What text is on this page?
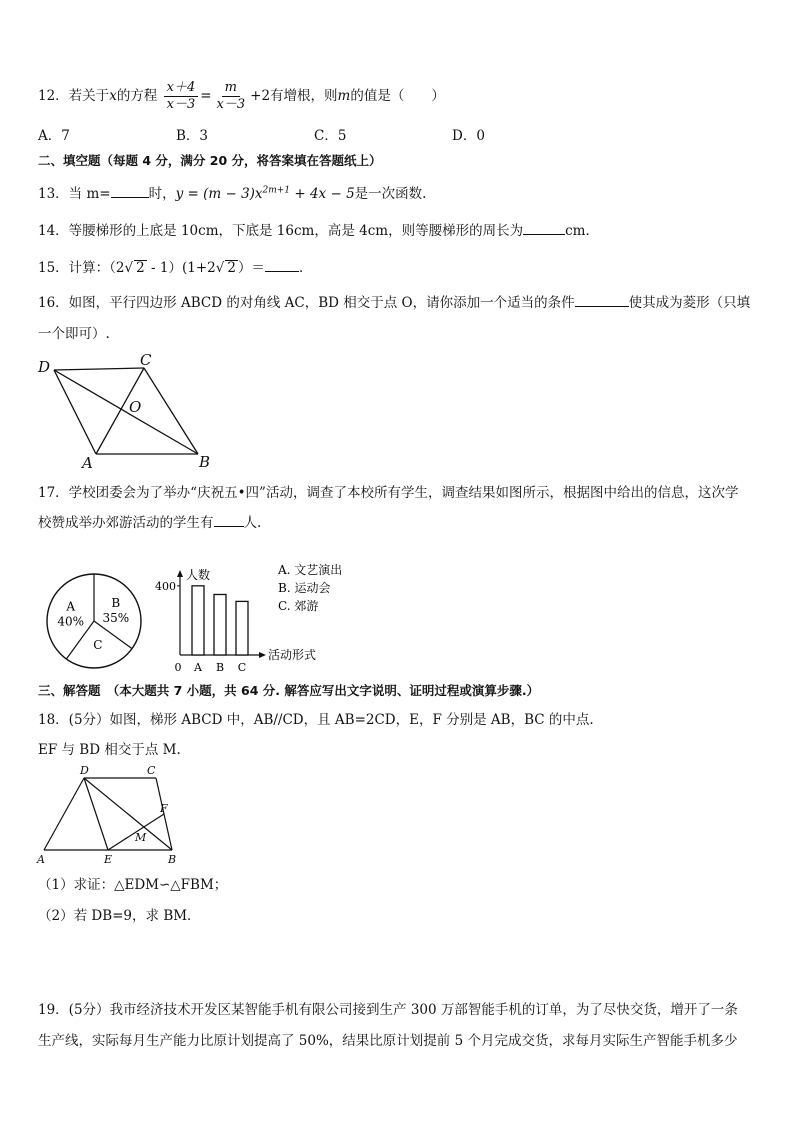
12．若关于x的方程 $\frac{x+4}{x-3} = \frac{m}{x-3} +2$有增根，则m的值是（　　）
A．7	B．3	C．5	D．0
二、填空题（每题 4 分，满分 20 分，将答案填在答题纸上）
13．当 m=	时，$y = (m - 3)x^{2m+1} + 4x - 5$是一次函数.
14．等腰梯形的上底是 10cm，下底是 16cm，高是 4cm，则等腰梯形的周长为	cm．
15．计算：（2√ 2 - 1）(1+2√ 2 ）＝	．
16．如图，平行四边形 ABCD 的对角线 AC，BD 相交于点 O，请你添加一个适当的条件	使其成为菱形（只填
一个即可）.
D	C
O
A	B
17．学校团委会为了举办“庆祝五•四”活动，调查了本校所有学生，调查结果如图所示，根据图中给出的信息，这次学
校赞成举办郊游活动的学生有 人.
A
40%
B
35%
C
人数
活动形式
400
0 A B C
A. 文艺演出
B. 运动会
C. 郊游
三、解答题　（本大题共 7 小题，共 64 分. 解答应写出文字说明、证明过程或演算步骤.）
18．(5分）如图，梯形 ABCD 中，AB//CD，且 AB=2CD，E，F 分别是 AB，BC 的中点.
EF 与 BD 相交于点 M.
D	C
F
M
A	E	B
（1）求证：△EDM∽△FBM；
（2）若 DB=9，求 BM．
19．(5分）我市经济技术开发区某智能手机有限公司接到生产 300 万部智能手机的订单，为了尽快交货，增开了一条
生产线，实际每月生产能力比原计划提高了 50%，结果比原计划提前 5 个月完成交货，求每月实际生产智能手机多少
